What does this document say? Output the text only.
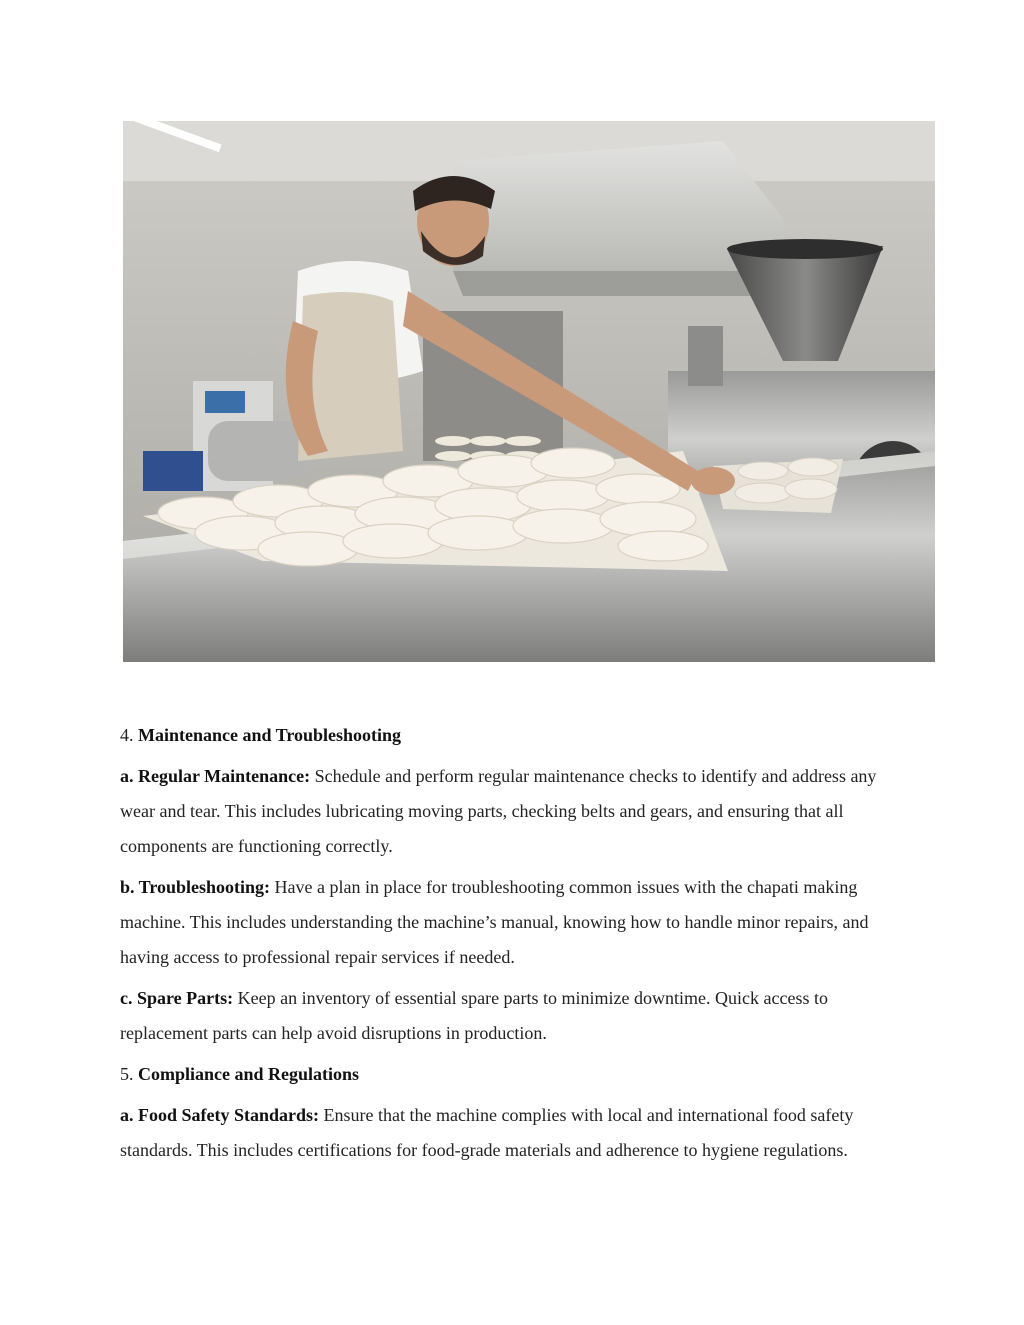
4. Maintenance and Troubleshooting

a. Regular Maintenance: Schedule and perform regular maintenance checks to identify and address any wear and tear. This includes lubricating moving parts, checking belts and gears, and ensuring that all components are functioning correctly.

b. Troubleshooting: Have a plan in place for troubleshooting common issues with the chapati making machine. This includes understanding the machine’s manual, knowing how to handle minor repairs, and having access to professional repair services if needed.

c. Spare Parts: Keep an inventory of essential spare parts to minimize downtime. Quick access to replacement parts can help avoid disruptions in production.

5. Compliance and Regulations

a. Food Safety Standards: Ensure that the machine complies with local and international food safety standards. This includes certifications for food-grade materials and adherence to hygiene regulations.
